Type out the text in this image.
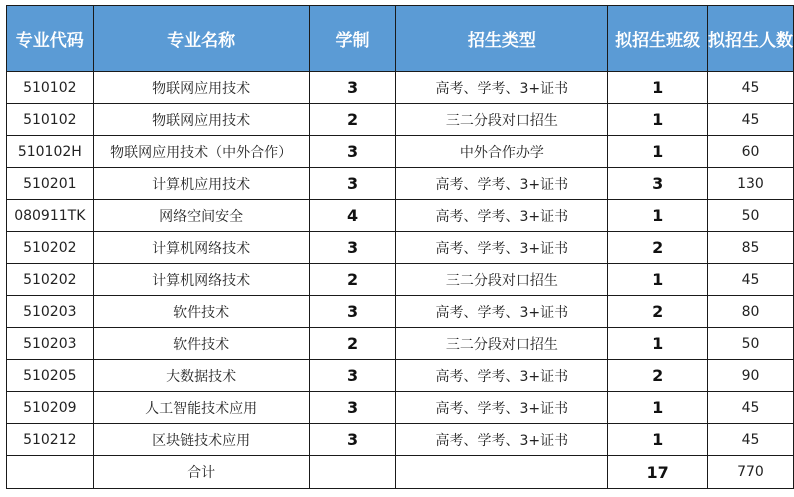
专业代码	专业名称	学制	招生类型	拟招生班级	拟招生人数
510102	物联网应用技术	3	高考、学考、3+证书	1	45
510102	物联网应用技术	2	三二分段对口招生	1	45
510102H	物联网应用技术（中外合作）	3	中外合作办学	1	60
510201	计算机应用技术	3	高考、学考、3+证书	3	130
080911TK	网络空间安全	4	高考、学考、3+证书	1	50
510202	计算机网络技术	3	高考、学考、3+证书	2	85
510202	计算机网络技术	2	三二分段对口招生	1	45
510203	软件技术	3	高考、学考、3+证书	2	80
510203	软件技术	2	三二分段对口招生	1	50
510205	大数据技术	3	高考、学考、3+证书	2	90
510209	人工智能技术应用	3	高考、学考、3+证书	1	45
510212	区块链技术应用	3	高考、学考、3+证书	1	45
	合计			17	770
